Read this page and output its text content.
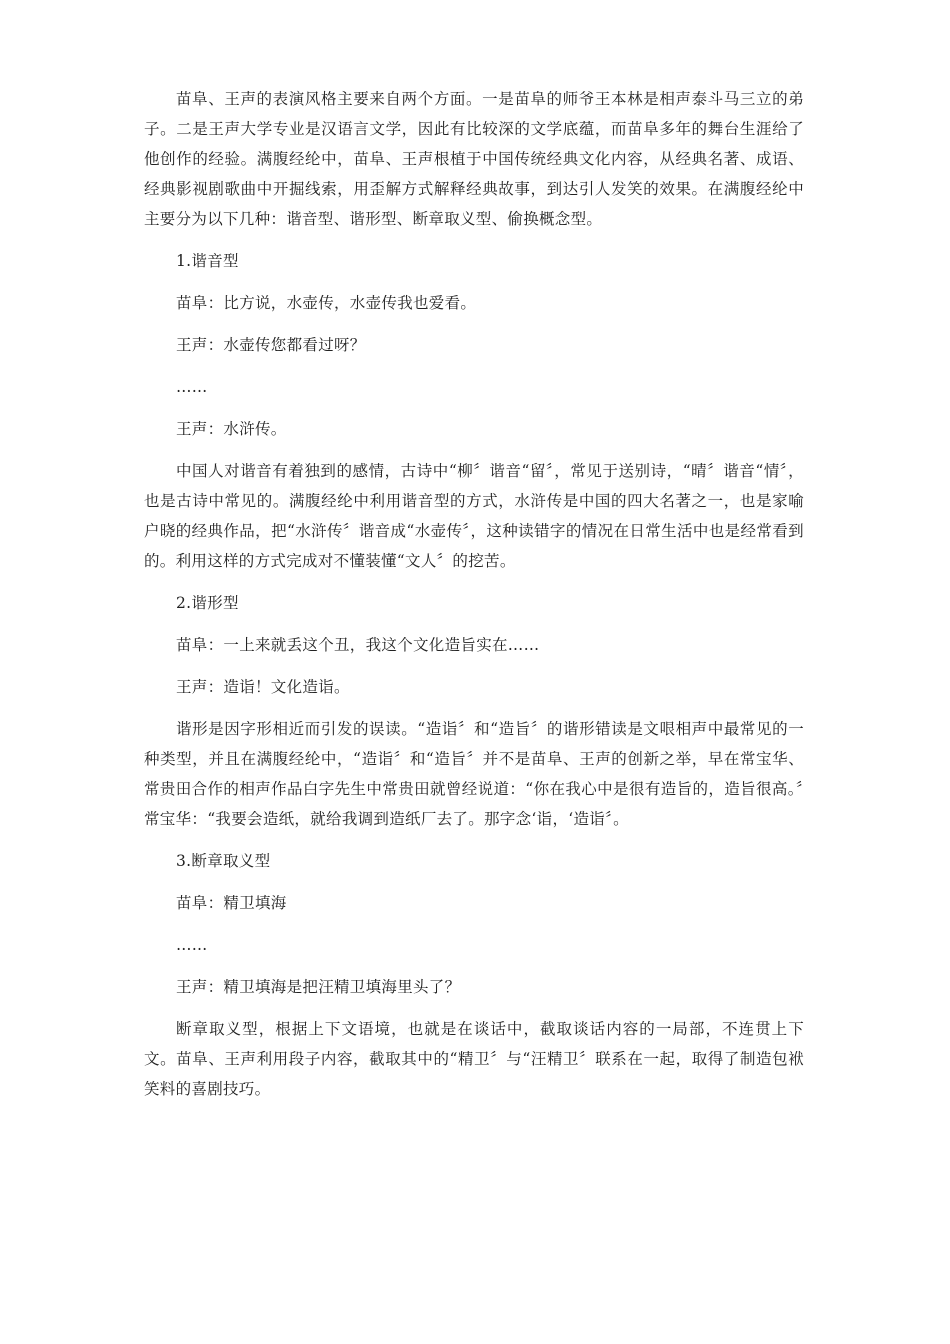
苗阜、王声的表演风格主要来自两个方面。一是苗阜的师爷王本林是相声泰斗马三立的弟子。二是王声大学专业是汉语言文学，因此有比较深的文学底蕴，而苗阜多年的舞台生涯给了他创作的经验。满腹经纶中，苗阜、王声根植于中国传统经典文化内容，从经典名著、成语、经典影视剧歌曲中开掘线索，用歪解方式解释经典故事，到达引人发笑的效果。在满腹经纶中主要分为以下几种：谐音型、谐形型、断章取义型、偷换概念型。

1.谐音型

苗阜：比方说，水壶传，水壶传我也爱看。

王声：水壶传您都看过呀？

……

王声：水浒传。

中国人对谐音有着独到的感情，古诗中“柳〞谐音“留〞，常见于送别诗，“晴〞谐音“情〞，也是古诗中常见的。满腹经纶中利用谐音型的方式，水浒传是中国的四大名著之一，也是家喻户晓的经典作品，把“水浒传〞谐音成“水壶传〞，这种读错字的情况在日常生活中也是经常看到的。利用这样的方式完成对不懂装懂“文人〞的挖苦。

2.谐形型

苗阜：一上来就丢这个丑，我这个文化造旨实在……

王声：造诣！文化造诣。

谐形是因字形相近而引发的误读。“造诣〞和“造旨〞的谐形错读是文哏相声中最常见的一种类型，并且在满腹经纶中，“造诣〞和“造旨〞并不是苗阜、王声的创新之举，早在常宝华、常贵田合作的相声作品白字先生中常贵田就曾经说道：“你在我心中是很有造旨的，造旨很高。〞常宝华：“我要会造纸，就给我调到造纸厂去了。那字念‘诣，‘造诣〞。

3.断章取义型

苗阜：精卫填海

……

王声：精卫填海是把汪精卫填海里头了？

断章取义型，根据上下文语境，也就是在谈话中，截取谈话内容的一局部，不连贯上下文。苗阜、王声利用段子内容，截取其中的“精卫〞与“汪精卫〞联系在一起，取得了制造包袱笑料的喜剧技巧。
